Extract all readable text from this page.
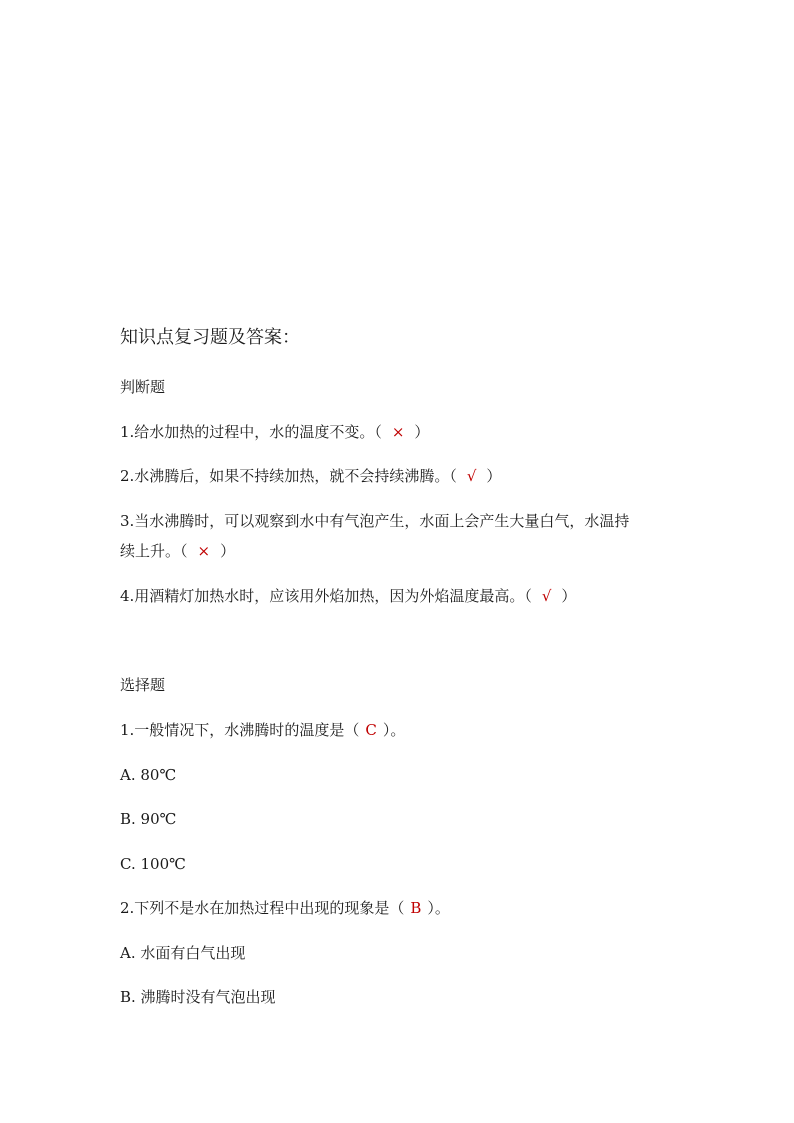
知识点复习题及答案：
判断题
1.给水加热的过程中，水的温度不变。（ × ）
2.水沸腾后，如果不持续加热，就不会持续沸腾。（ √ ）
3.当水沸腾时，可以观察到水中有气泡产生，水面上会产生大量白气，水温持
续上升。（ × ）
4.用酒精灯加热水时，应该用外焰加热，因为外焰温度最高。（ √ ）
选择题
1.一般情况下，水沸腾时的温度是（ C ）。
A. 80℃
B. 90℃
C. 100℃
2.下列不是水在加热过程中出现的现象是（ B ）。
A. 水面有白气出现
B. 沸腾时没有气泡出现
